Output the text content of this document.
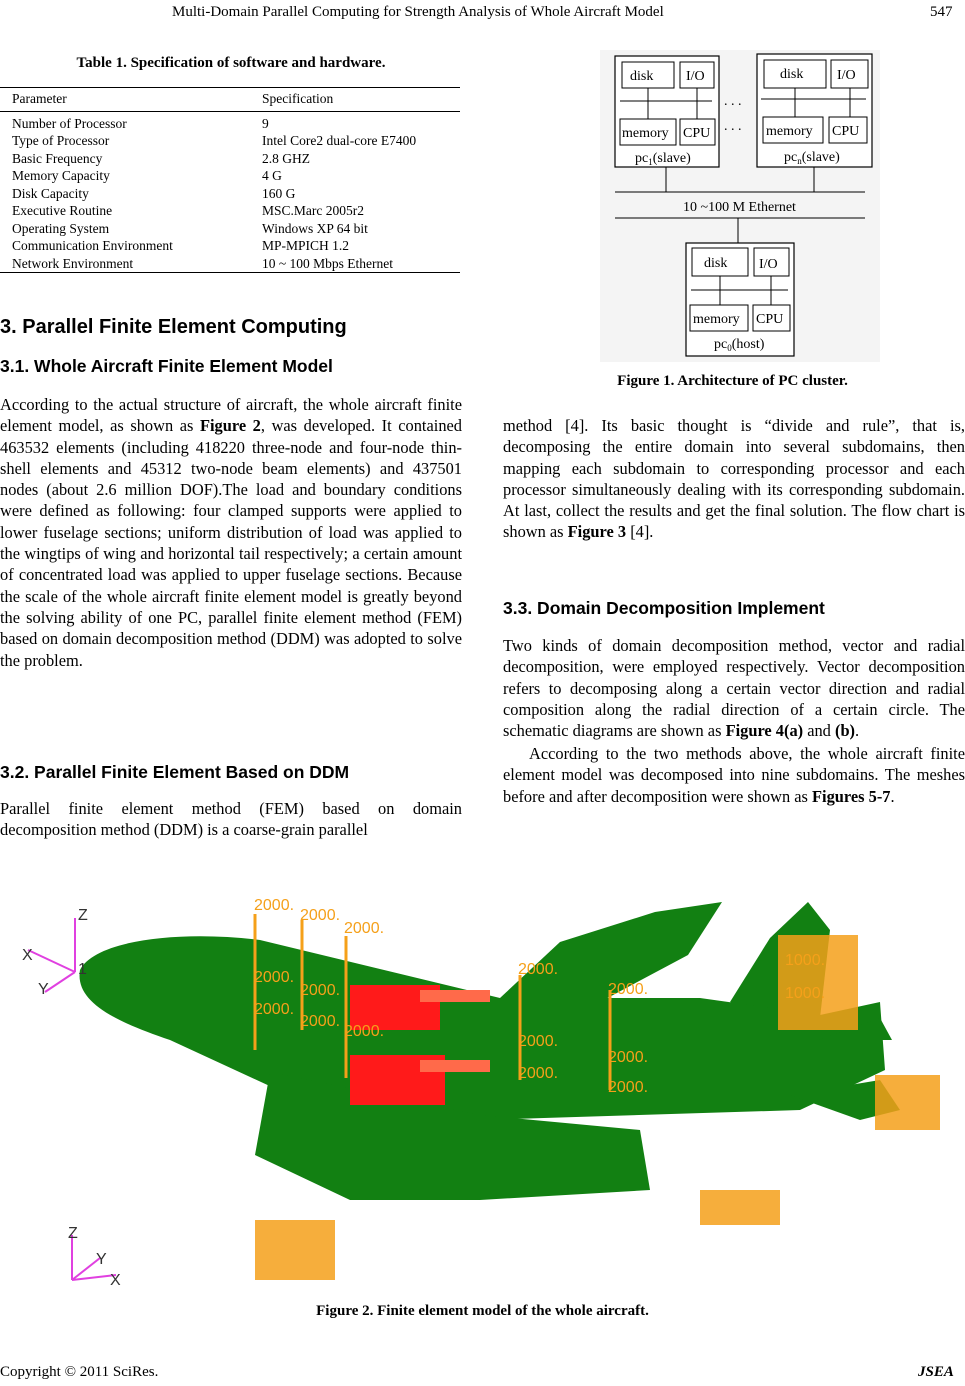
Multi-Domain Parallel Computing for Strength Analysis of Whole Aircraft Model	547
Table 1. Specification of software and hardware.
Parameter	Specification
Number of Processor	9
Type of Processor	Intel Core2 dual-core E7400
Basic Frequency	2.8 GHZ
Memory Capacity	4 G
Disk Capacity	160 G
Executive Routine	MSC.Marc 2005r2
Operating System	Windows XP 64 bit
Communication Environment	MP-MPICH 1.2
Network Environment	10 ~ 100 Mbps Ethernet
3. Parallel Finite Element Computing
3.1. Whole Aircraft Finite Element Model

According to the actual structure of aircraft, the whole aircraft finite element model, as shown as Figure 2, was developed. It contained 463532 elements (including 418220 three-node and four-node thin-shell elements and 45312 two-node beam elements) and 437501 nodes (about 2.6 million DOF).The load and boundary conditions were defined as following: four clamped supports were applied to lower fuselage sections; uniform distribution of load was applied to the wingtips of wing and horizontal tail respectively; a certain amount of concentrated load was applied to upper fuselage sections. Because the scale of the whole aircraft finite element model is greatly beyond the solving ability of one PC, parallel finite element method (FEM) based on domain decomposition method (DDM) was adopted to solve the problem.

3.2. Parallel Finite Element Based on DDM

Parallel finite element method (FEM) based on domain decomposition method (DDM) is a coarse-grain parallel

disk I/O
memory CPU
$pc_1(slave)$
. . .
. . .
disk I/O
memory CPU
$pc_n(slave)$
10 ~100 M Ethernet
disk I/O
memory CPU
$pc_0(host)$
Figure 1. Architecture of PC cluster.

method [4]. Its basic thought is “divide and rule”, that is, decomposing the entire domain into several subdomains, then mapping each subdomain to corresponding processor and each processor simultaneously dealing with its corresponding subdomain. At last, collect the results and get the final solution. The flow chart is shown as Figure 3 [4].

3.3. Domain Decomposition Implement

Two kinds of domain decomposition method, vector and radial decomposition, were employed respectively. Vector decomposition refers to decomposing along a certain vector direction and radial composition along the radial direction of a certain circle. The schematic diagrams are shown as Figure 4(a) and (b).

According to the two methods above, the whole aircraft finite element model was decomposed into nine subdomains. The meshes before and after decomposition were shown as Figures 5-7.

2000.
2000.
2000.
2000.
2000.
2000.
2000.
2000.
2000.
2000.
2000.
2000.
2000.
2000.
1000.
1000.
Z
X
Y
1
Z
Y
X
Figure 2. Finite element model of the whole aircraft.
Copyright © 2011 SciRes.	JSEA
